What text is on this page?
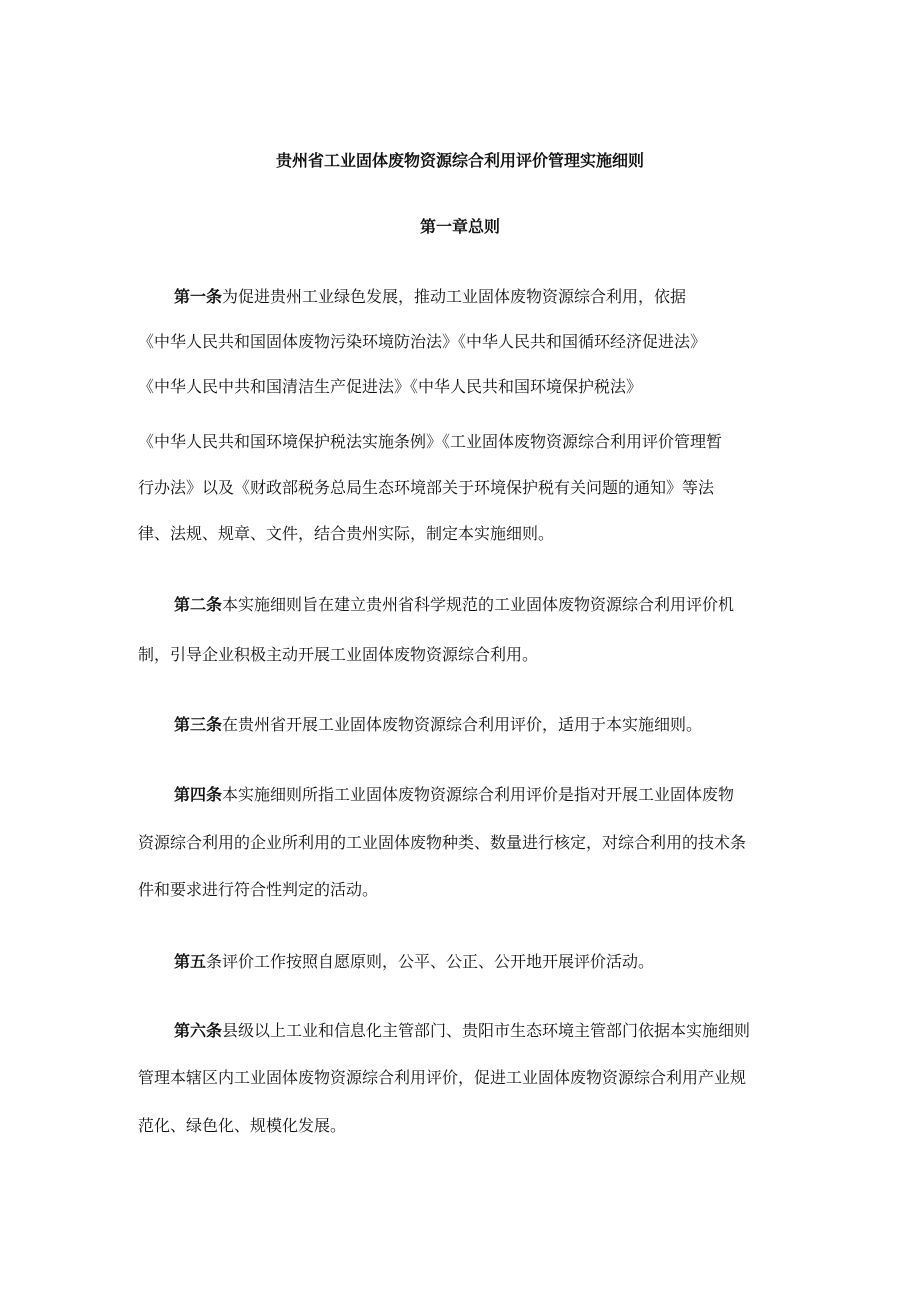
贵州省工业固体废物资源综合利用评价管理实施细则
第一章总则
第一条为促进贵州工业绿色发展，推动工业固体废物资源综合利用，依据
《中华人民共和国固体废物污染环境防治法》《中华人民共和国循环经济促进法》
《中华人民中共和国清洁生产促进法》《中华人民共和国环境保护税法》
《中华人民共和国环境保护税法实施条例》《工业固体废物资源综合利用评价管理暂
行办法》以及《财政部税务总局生态环境部关于环境保护税有关问题的通知》等法
律、法规、规章、文件，结合贵州实际，制定本实施细则。
第二条本实施细则旨在建立贵州省科学规范的工业固体废物资源综合利用评价机
制，引导企业积极主动开展工业固体废物资源综合利用。
第三条在贵州省开展工业固体废物资源综合利用评价，适用于本实施细则。
第四条本实施细则所指工业固体废物资源综合利用评价是指对开展工业固体废物
资源综合利用的企业所利用的工业固体废物种类、数量进行核定，对综合利用的技术条
件和要求进行符合性判定的活动。
第五条评价工作按照自愿原则，公平、公正、公开地开展评价活动。
第六条县级以上工业和信息化主管部门、贵阳市生态环境主管部门依据本实施细则
管理本辖区内工业固体废物资源综合利用评价，促进工业固体废物资源综合利用产业规
范化、绿色化、规模化发展。
